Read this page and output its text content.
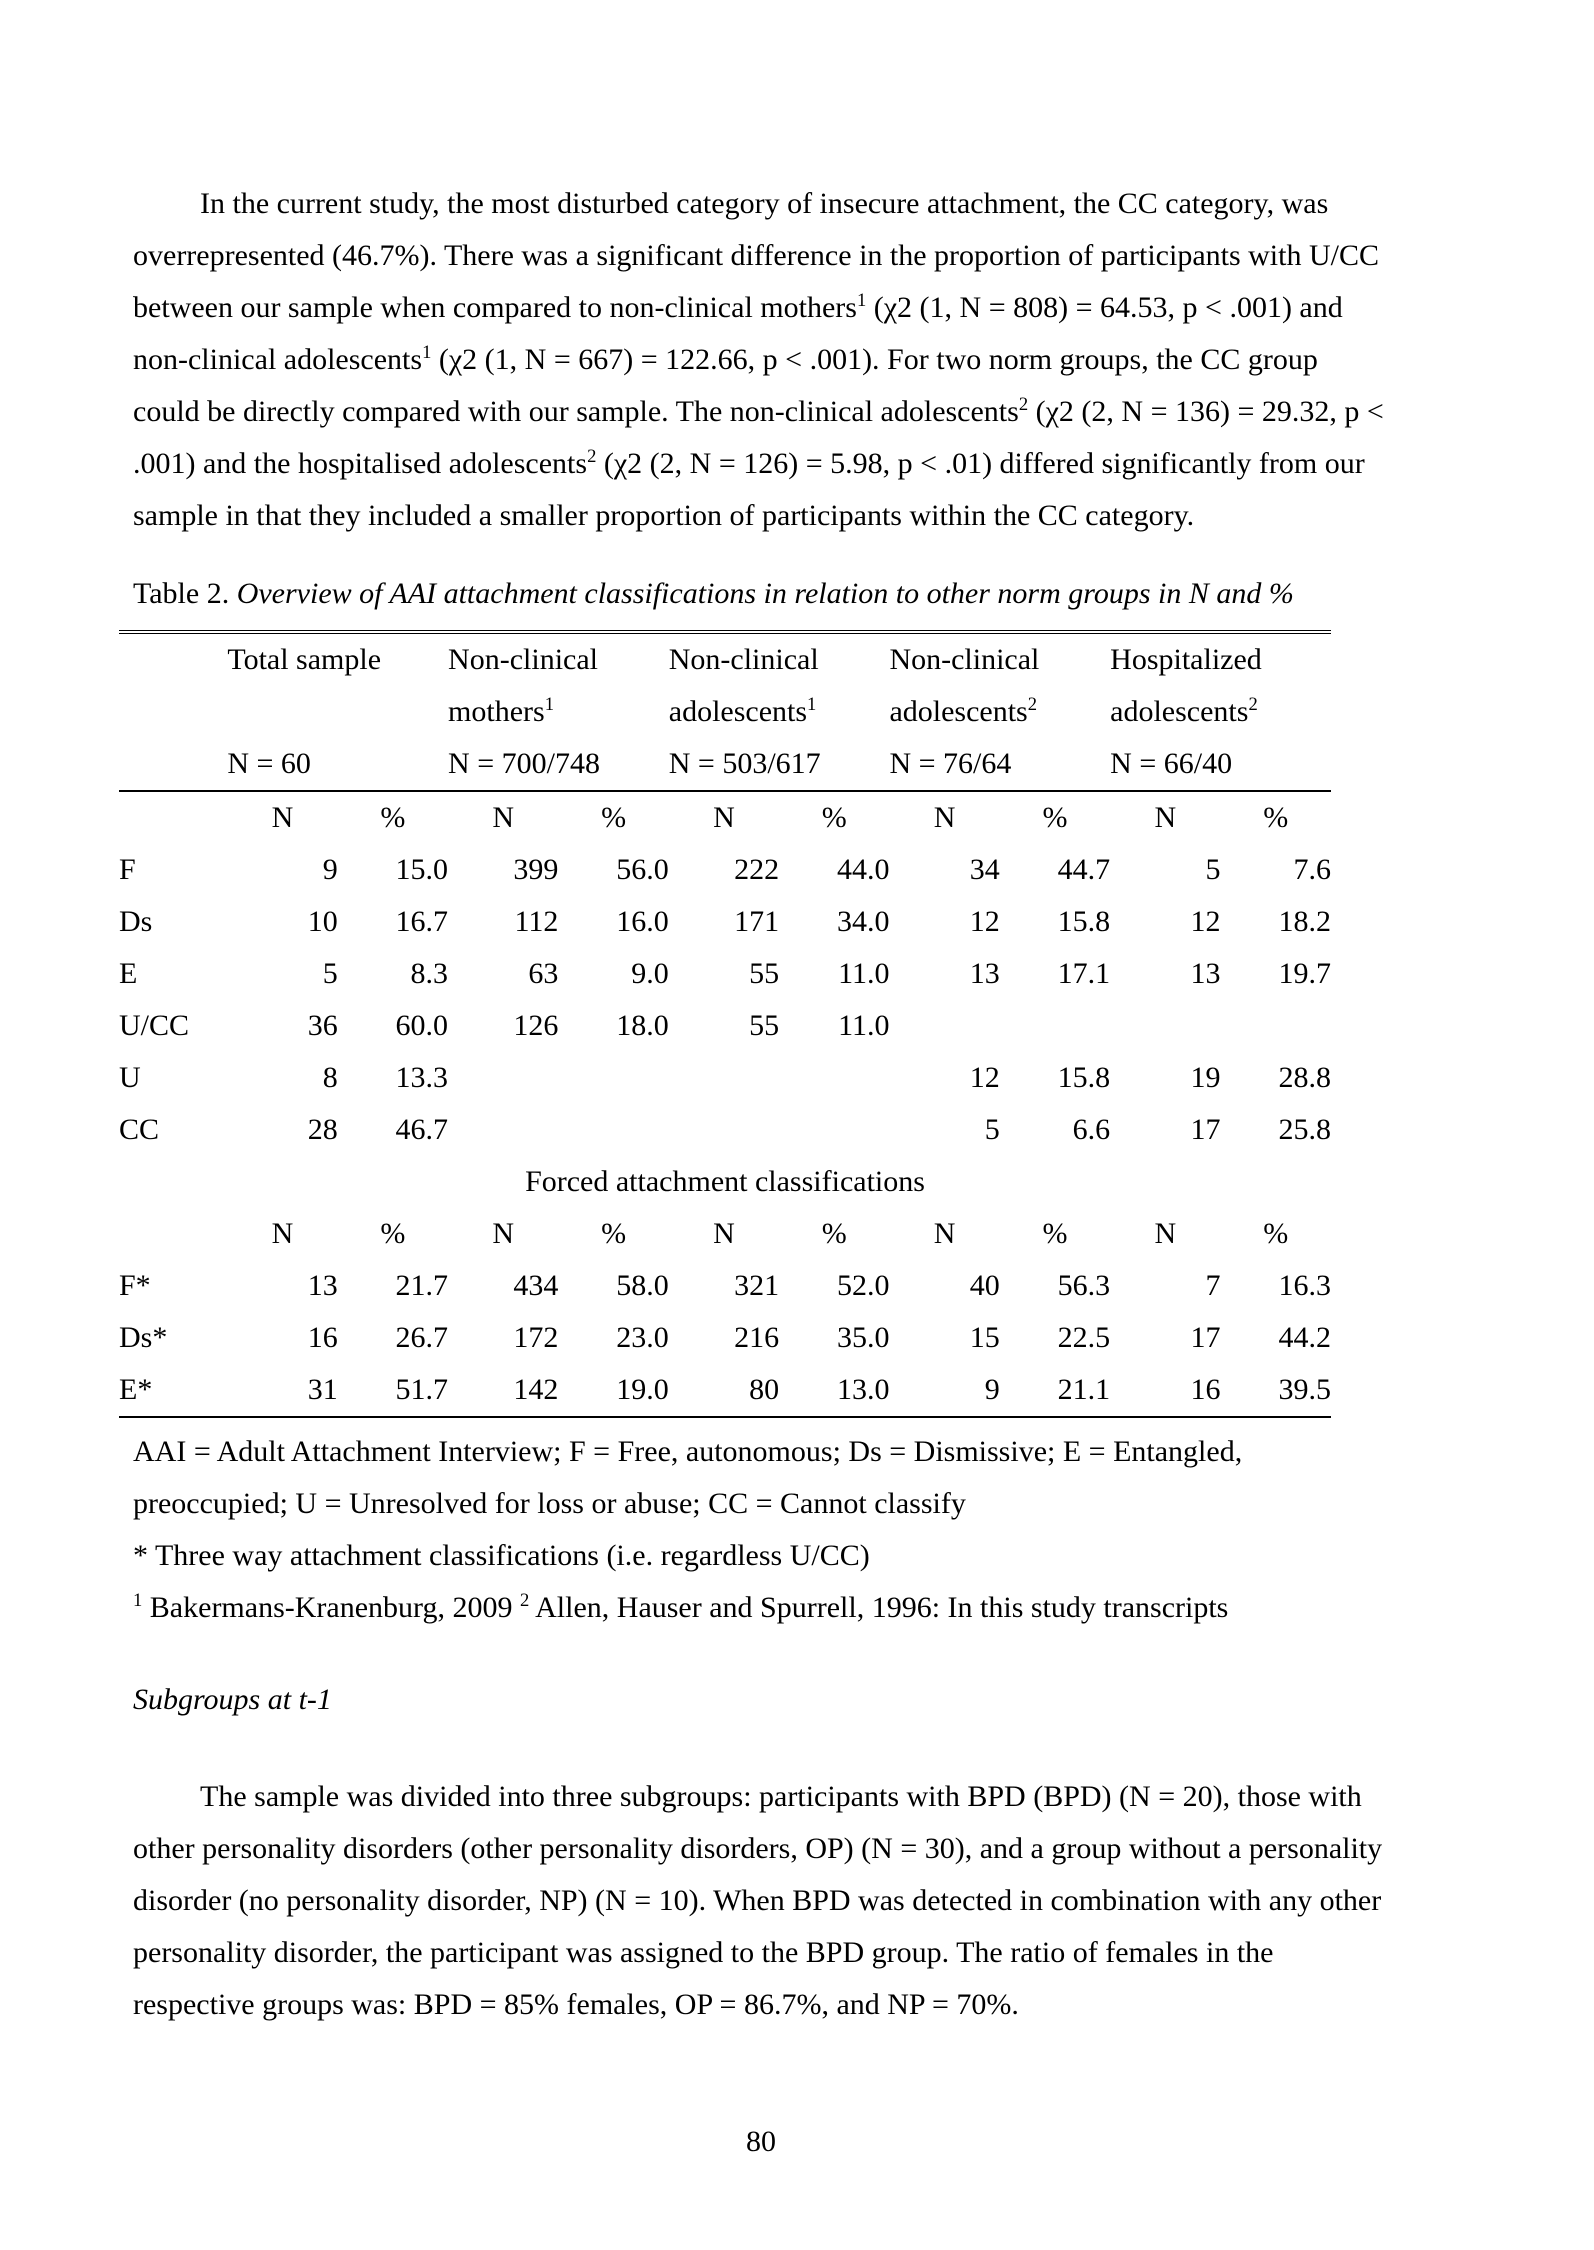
In the current study, the most disturbed category of insecure attachment, the CC category, was overrepresented (46.7%). There was a significant difference in the proportion of participants with U/CC between our sample when compared to non-clinical mothers$^1$ (χ2 (1, N = 808) = 64.53, p < .001) and non-clinical adolescents$^1$ (χ2 (1, N = 667) = 122.66, p < .001). For two norm groups, the CC group could be directly compared with our sample. The non-clinical adolescents$^2$ (χ2 (2, N = 136) = 29.32, p < .001) and the hospitalised adolescents$^2$ (χ2 (2, N = 126) = 5.98, p < .01) differed significantly from our sample in that they included a smaller proportion of participants within the CC category.

Table 2. Overview of AAI attachment classifications in relation to other norm groups in N and %

	Total sample		Non-clinical		Non-clinical		Non-clinical		Hospitalized	
			mothers$^1$		adolescents$^1$		adolescents$^2$		adolescents$^2$
	N = 60		N = 700/748		N = 503/617		N = 76/64		N = 66/40	
	N	%	N	%	N	%	N	%	N	%
F	9	15.0	399	56.0	222	44.0	34	44.7	5	7.6
Ds	10	16.7	112	16.0	171	34.0	12	15.8	12	18.2
E	5	8.3	63	9.0	55	11.0	13	17.1	13	19.7
U/CC	36	60.0	126	18.0	55	11.0				
U	8	13.3					12	15.8	19	28.8
CC	28	46.7					5	6.6	17	25.8
Forced attachment classifications										
	N	%	N	%	N	%	N	%	N	%
F*	13	21.7	434	58.0	321	52.0	40	56.3	7	16.3
Ds*	16	26.7	172	23.0	216	35.0	15	22.5	17	44.2
E*	31	51.7	142	19.0	80	13.0	9	21.1	16	39.5

AAI = Adult Attachment Interview; F = Free, autonomous; Ds = Dismissive; E = Entangled, preoccupied; U = Unresolved for loss or abuse; CC = Cannot classify

* Three way attachment classifications (i.e. regardless U/CC)

$^1$ Bakermans-Kranenburg, 2009 $^2$ Allen, Hauser and Spurrell, 1996: In this study transcripts

Subgroups at t-1

The sample was divided into three subgroups: participants with BPD (BPD) (N = 20), those with other personality disorders (other personality disorders, OP) (N = 30), and a group without a personality disorder (no personality disorder, NP) (N = 10). When BPD was detected in combination with any other personality disorder, the participant was assigned to the BPD group. The ratio of females in the respective groups was: BPD = 85% females, OP = 86.7%, and NP = 70%.

80
